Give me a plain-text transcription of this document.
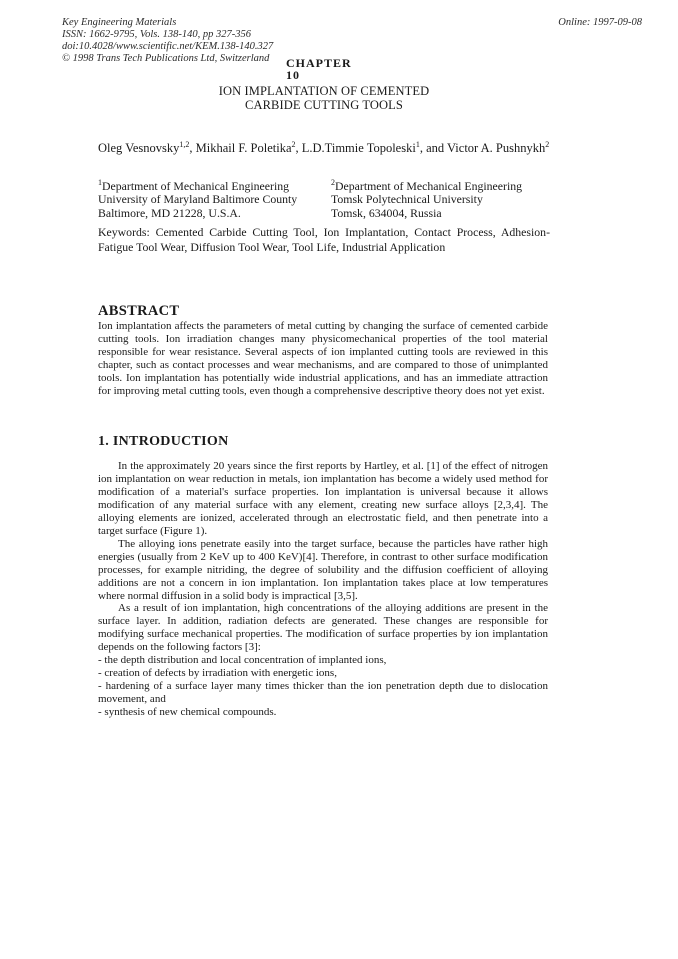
Key Engineering Materials
ISSN: 1662-9795, Vols. 138-140, pp 327-356
doi:10.4028/www.scientific.net/KEM.138-140.327
© 1998 Trans Tech Publications Ltd, Switzerland
Online: 1997-09-08
CHAPTER 10
ION IMPLANTATION OF CEMENTED
CARBIDE CUTTING TOOLS
Oleg Vesnovsky$^{1,2}$, Mikhail F. Poletika$^2$, L.D.Timmie Topoleski$^1$, and Victor A. Pushnykh$^2$
$^1$Department of Mechanical Engineering
University of Maryland Baltimore County
Baltimore, MD 21228, U.S.A.
$^2$Department of Mechanical Engineering
Tomsk Polytechnical University
Tomsk, 634004, Russia
Keywords: Cemented Carbide Cutting Tool, Ion Implantation, Contact Process, Adhesion-Fatigue Tool Wear, Diffusion Tool Wear, Tool Life, Industrial Application
ABSTRACT
Ion implantation affects the parameters of metal cutting by changing the surface of cemented carbide cutting tools. Ion irradiation changes many physicomechanical properties of the tool material responsible for wear resistance. Several aspects of ion implanted cutting tools are reviewed in this chapter, such as contact processes and wear mechanisms, and are compared to those of unimplanted tools. Ion implantation has potentially wide industrial applications, and has an immediate attraction for improving metal cutting tools, even though a comprehensive descriptive theory does not yet exist.
1. INTRODUCTION

In the approximately 20 years since the first reports by Hartley, et al. [1] of the effect of nitrogen ion implantation on wear reduction in metals, ion implantation has become a widely used method for modification of a material's surface properties. Ion implantation is universal because it allows modification of any material surface with any element, creating new surface alloys [2,3,4]. The alloying elements are ionized, accelerated through an electrostatic field, and then penetrate into a target surface (Figure 1).

The alloying ions penetrate easily into the target surface, because the particles have rather high energies (usually from 2 KeV up to 400 KeV)[4]. Therefore, in contrast to other surface modification processes, for example nitriding, the degree of solubility and the diffusion coefficient of alloying additions are not a concern in ion implantation. Ion implantation takes place at low temperatures where normal diffusion in a solid body is impractical [3,5].

As a result of ion implantation, high concentrations of the alloying additions are present in the surface layer. In addition, radiation defects are generated. These changes are responsible for modifying surface mechanical properties. The modification of surface properties by ion implantation depends on the following factors [3]:

- the depth distribution and local concentration of implanted ions,

- creation of defects by irradiation with energetic ions,

- hardening of a surface layer many times thicker than the ion penetration depth due to dislocation movement, and

- synthesis of new chemical compounds.
